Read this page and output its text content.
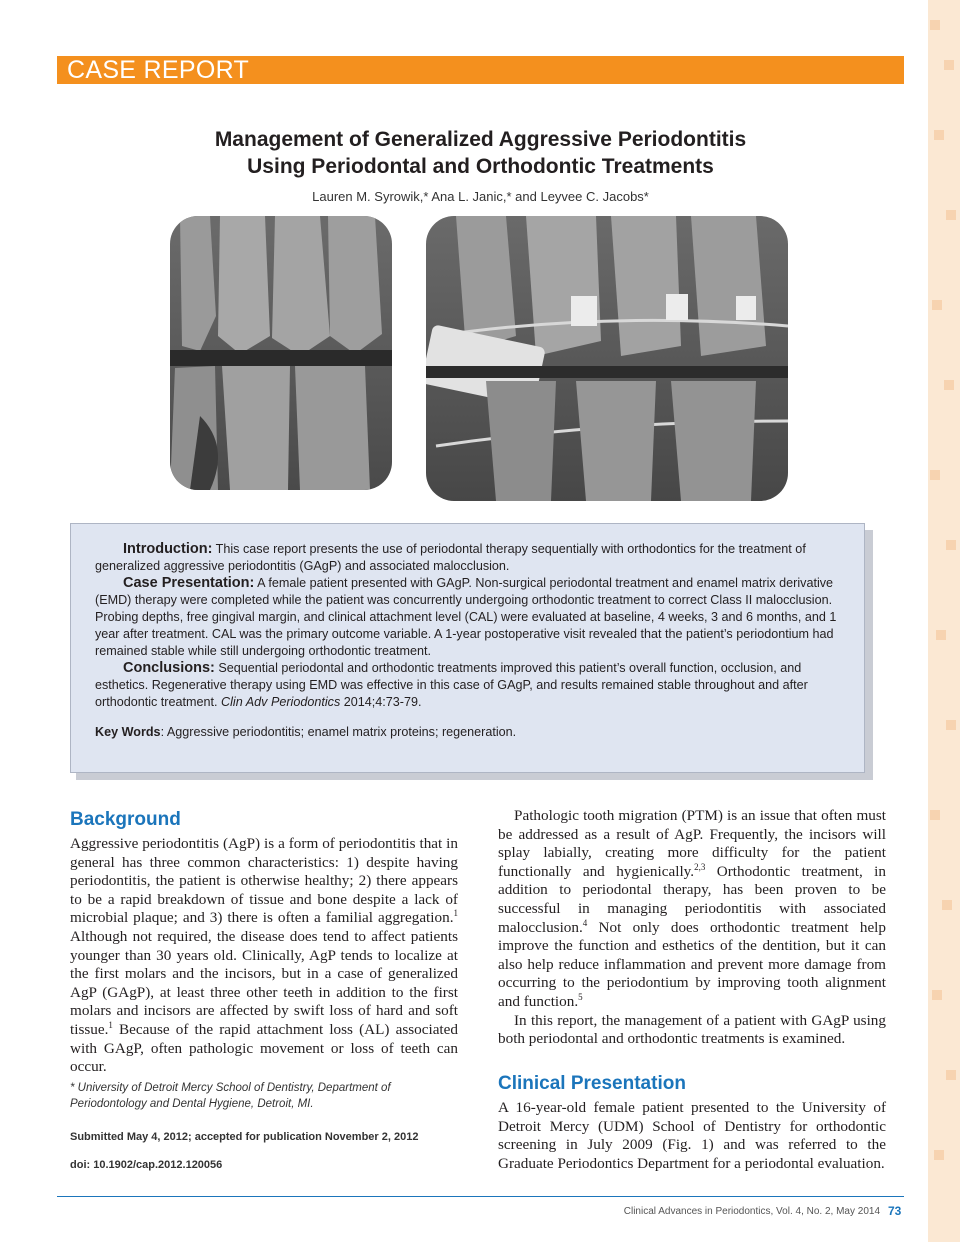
CASE REPORT
Management of Generalized Aggressive Periodontitis
Using Periodontal and Orthodontic Treatments
Lauren M. Syrowik,* Ana L. Janic,* and Leyvee C. Jacobs*
Introduction: This case report presents the use of periodontal therapy sequentially with orthodontics for the treatment of generalized aggressive periodontitis (GAgP) and associated malocclusion.
Case Presentation: A female patient presented with GAgP. Non-surgical periodontal treatment and enamel matrix derivative (EMD) therapy were completed while the patient was concurrently undergoing orthodontic treatment to correct Class II malocclusion. Probing depths, free gingival margin, and clinical attachment level (CAL) were evaluated at baseline, 4 weeks, 3 and 6 months, and 1 year after treatment. CAL was the primary outcome variable. A 1-year postoperative visit revealed that the patient’s periodontium had remained stable while still undergoing orthodontic treatment.
Conclusions: Sequential periodontal and orthodontic treatments improved this patient’s overall function, occlusion, and esthetics. Regenerative therapy using EMD was effective in this case of GAgP, and results remained stable throughout and after orthodontic treatment. Clin Adv Periodontics 2014;4:73-79.
Key Words: Aggressive periodontitis; enamel matrix proteins; regeneration.
Background

Aggressive periodontitis (AgP) is a form of periodontitis that in general has three common characteristics: 1) despite having periodontitis, the patient is otherwise healthy; 2) there appears to be a rapid breakdown of tissue and bone despite a lack of microbial plaque; and 3) there is often a familial aggregation.$^1$ Although not required, the disease does tend to affect patients younger than 30 years old. Clinically, AgP tends to localize at the first molars and the incisors, but in a case of generalized AgP (GAgP), at least three other teeth in addition to the first molars and incisors are affected by swift loss of hard and soft tissue.$^1$ Because of the rapid attachment loss (AL) associated with GAgP, often pathologic movement or loss of teeth can occur.

* University of Detroit Mercy School of Dentistry, Department of Periodontology and Dental Hygiene, Detroit, MI.
Submitted May 4, 2012; accepted for publication November 2, 2012
doi: 10.1902/cap.2012.120056

Pathologic tooth migration (PTM) is an issue that often must be addressed as a result of AgP. Frequently, the incisors will splay labially, creating more difficulty for the patient functionally and hygienically.$^{2,3}$ Orthodontic treatment, in addition to periodontal therapy, has been proven to be successful in managing periodontitis with associated malocclusion.$^4$ Not only does orthodontic treatment help improve the function and esthetics of the dentition, but it can also help reduce inflammation and prevent more damage from occurring to the periodontium by improving tooth alignment and function.$^5$

In this report, the management of a patient with GAgP using both periodontal and orthodontic treatments is examined.

Clinical Presentation

A 16-year-old female patient presented to the University of Detroit Mercy (UDM) School of Dentistry for orthodontic screening in July 2009 (Fig. 1) and was referred to the Graduate Periodontics Department for a periodontal evaluation.

Clinical Advances in Periodontics, Vol. 4, No. 2, May 2014 73
